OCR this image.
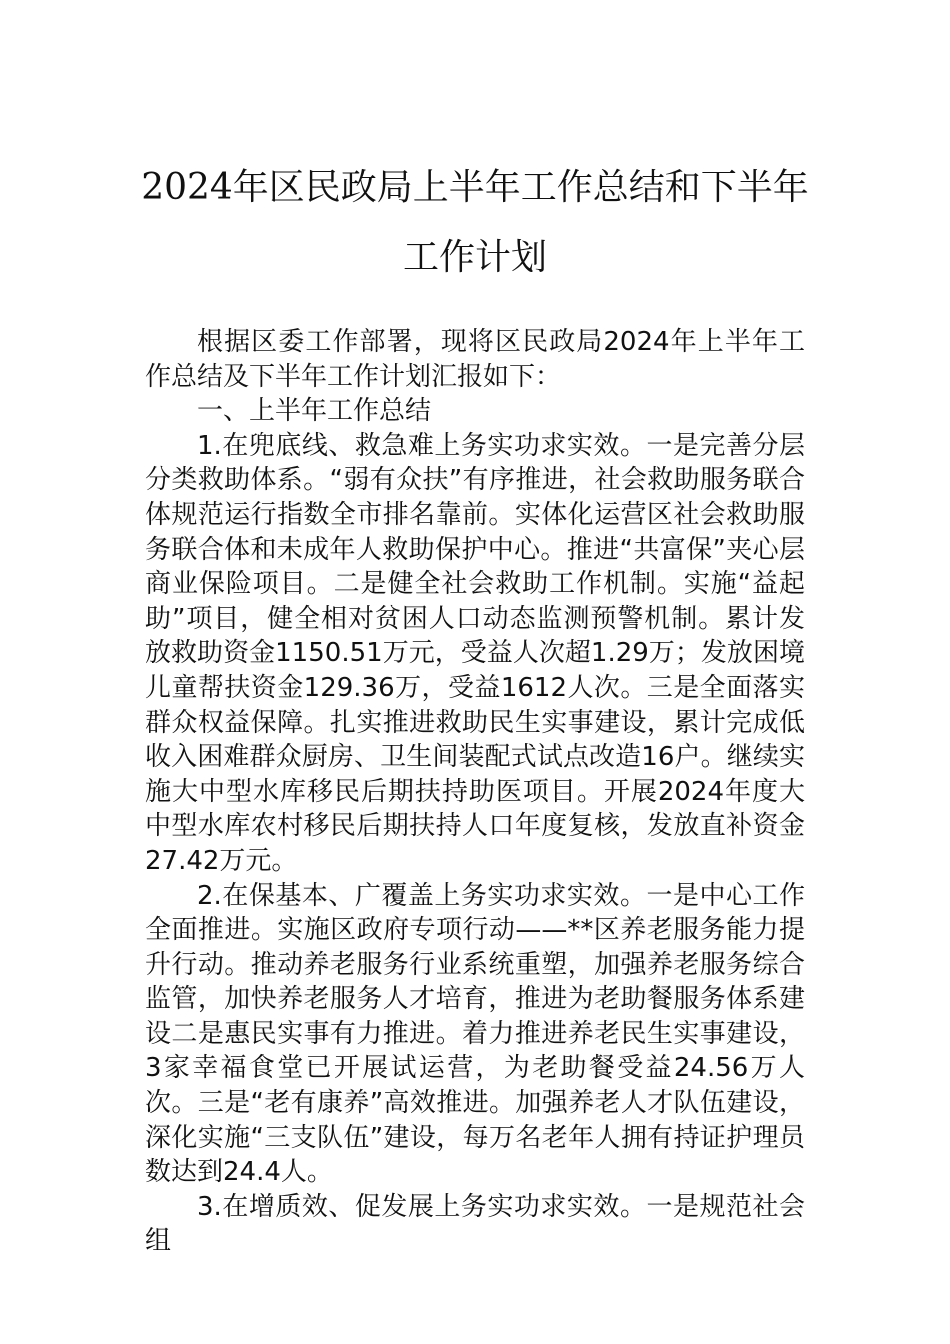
2024年区民政局上半年工作总结和下半年
工作计划

根据区委工作部署，现将区民政局2024年上半年工作总结及下半年工作计划汇报如下：

一、上半年工作总结

1.在兜底线、救急难上务实功求实效。一是完善分层分类救助体系。“弱有众扶”有序推进，社会救助服务联合体规范运行指数全市排名靠前。实体化运营区社会救助服务联合体和未成年人救助保护中心。推进“共富保”夹心层商业保险项目。二是健全社会救助工作机制。实施“益起助”项目，健全相对贫困人口动态监测预警机制。累计发放救助资金1150.51万元，受益人次超1.29万；发放困境儿童帮扶资金129.36万，受益1612人次。三是全面落实群众权益保障。扎实推进救助民生实事建设，累计完成低收入困难群众厨房、卫生间装配式试点改造16户。继续实施大中型水库移民后期扶持助医项目。开展2024年度大中型水库农村移民后期扶持人口年度复核，发放直补资金27.42万元。

2.在保基本、广覆盖上务实功求实效。一是中心工作全面推进。实施区政府专项行动——**区养老服务能力提升行动。推动养老服务行业系统重塑，加强养老服务综合监管，加快养老服务人才培育，推进为老助餐服务体系建设二是惠民实事有力推进。着力推进养老民生实事建设，3家幸福食堂已开展试运营，为老助餐受益24.56万人次。三是“老有康养”高效推进。加强养老人才队伍建设，深化实施“三支队伍”建设，每万名老年人拥有持证护理员数达到24.4人。

3.在增质效、促发展上务实功求实效。一是规范社会组
